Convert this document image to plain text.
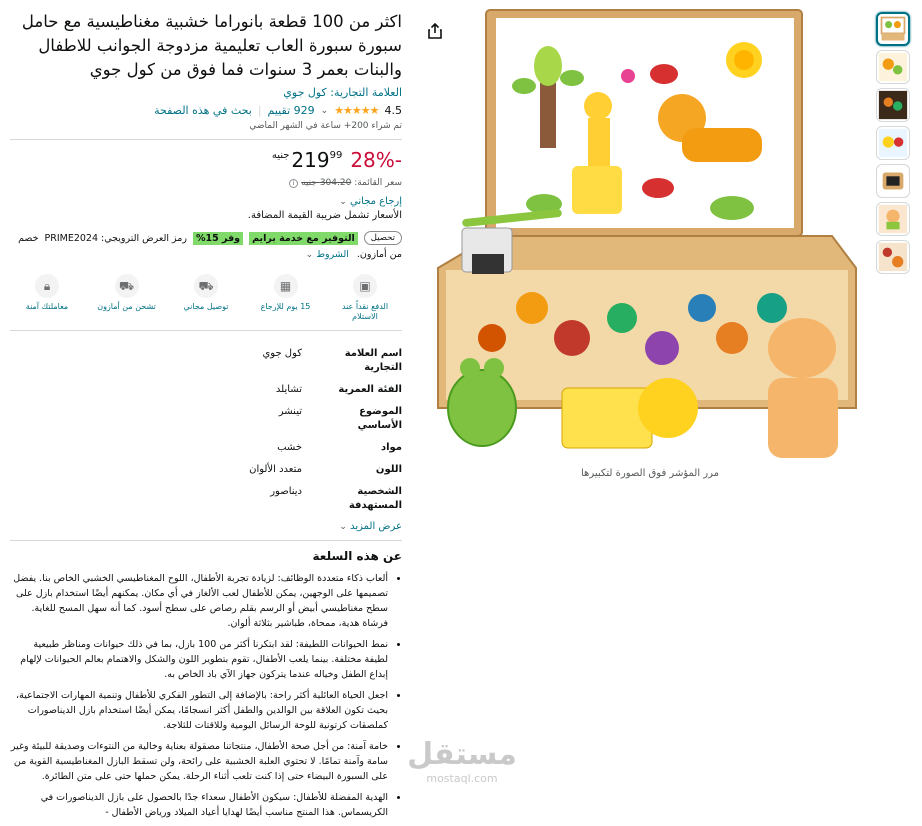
اكثر من 100 قطعة بانوراما خشبية مغناطيسية مع حامل سبورة سبورة العاب تعليمية مزدوجة الجوانب للاطفال والبنات بعمر 3 سنوات فما فوق من كول جوي
العلامة التجارية: كول جوي
4.5
★★★★★
⌄
929 تقييم
|
بحث في هذه الصفحة
تم شراء 200+ ساعة في الشهر الماضي
-28%
جنيه 219 99
سعر القائمة: 304.20 جنيه i
إرجاع مجاني ⌄
الأسعار تشمل ضريبة القيمة المضافة.
تحصيل
التوفير مع خدمة برايم
وفر 15%
رمز العرض الترويجي: PRIME2024
خصم
من أمازون.
الشروط ⌄
▣
الدفع نقداً عند الاستلام
▦
15 يوم للإرجاع
⛟
توصيل مجاني
⛟
تشحن من أمازون
🔒︎
معاملتك آمنة
اسم العلامة التجارية
كول جوي
الفئة العمرية
تشايلد
الموضوع الأساسي
تينشر
مواد
خشب
اللون
متعدد الألوان
الشخصية المستهدفة
ديناصور
عرض المزيد ⌄
عن هذه السلعة
• ألعاب ذكاء متعددة الوظائف: لزيادة تجربة الأطفال، اللوح المغناطيسي الخشبي الخاص بنا. يفضل تصميمها على الوجهين، يمكن للأطفال لعب الألغاز في أي مكان. يمكنهم أيضًا استخدام بازل على سطح مغناطيسي أبيض أو الرسم بقلم رصاص على سطح أسود. كما أنه سهل المسح للغاية. فرشاة هدية، ممحاة، طباشير بثلاثة ألوان.
• نمط الحيوانات اللطيفة: لقد ابتكرنا أكثر من 100 بازل، بما في ذلك حيوانات ومناظر طبيعية لطيفة مختلفة. بينما يلعب الأطفال، تقوم بتطوير اللون والشكل والاهتمام بعالم الحيوانات لإلهام إبداع الطفل وخياله عندما يتركون جهاز الآي باد الخاص به.
• اجعل الحياة العائلية أكثر راحة: بالإضافة إلى التطور الفكري للأطفال وتنمية المهارات الاجتماعية، بحيث تكون العلاقة بين الوالدين والطفل أكثر انسجامًا، يمكن أيضًا استخدام بازل الديناصورات كملصقات كرتونية للوحة الرسائل اليومية وللاقتات للثلاجة.
• خامة آمنة: من أجل صحة الأطفال، منتجاتنا مصقولة بعناية وخالية من النتوءات وصديقة للبيئة وغير سامة وآمنة تمامًا. لا تحتوي العلبة الخشبية على رائحة، ولن تسقط البازل المغناطيسية القوية من على السبورة البيضاء حتى إذا كنت تلعب أثناء الرحلة. يمكن حملها حتى على متن الطائرة.
• الهدية المفضلة للأطفال: سيكون الأطفال سعداء جدًا بالحصول على بازل الديناصورات في الكريسماس. هذا المنتج مناسب أيضًا لهدايا أعياد الميلاد ورياض الأطفال -
مرر المؤشر فوق الصورة لتكبيرها
مستقل
mostaql.com
